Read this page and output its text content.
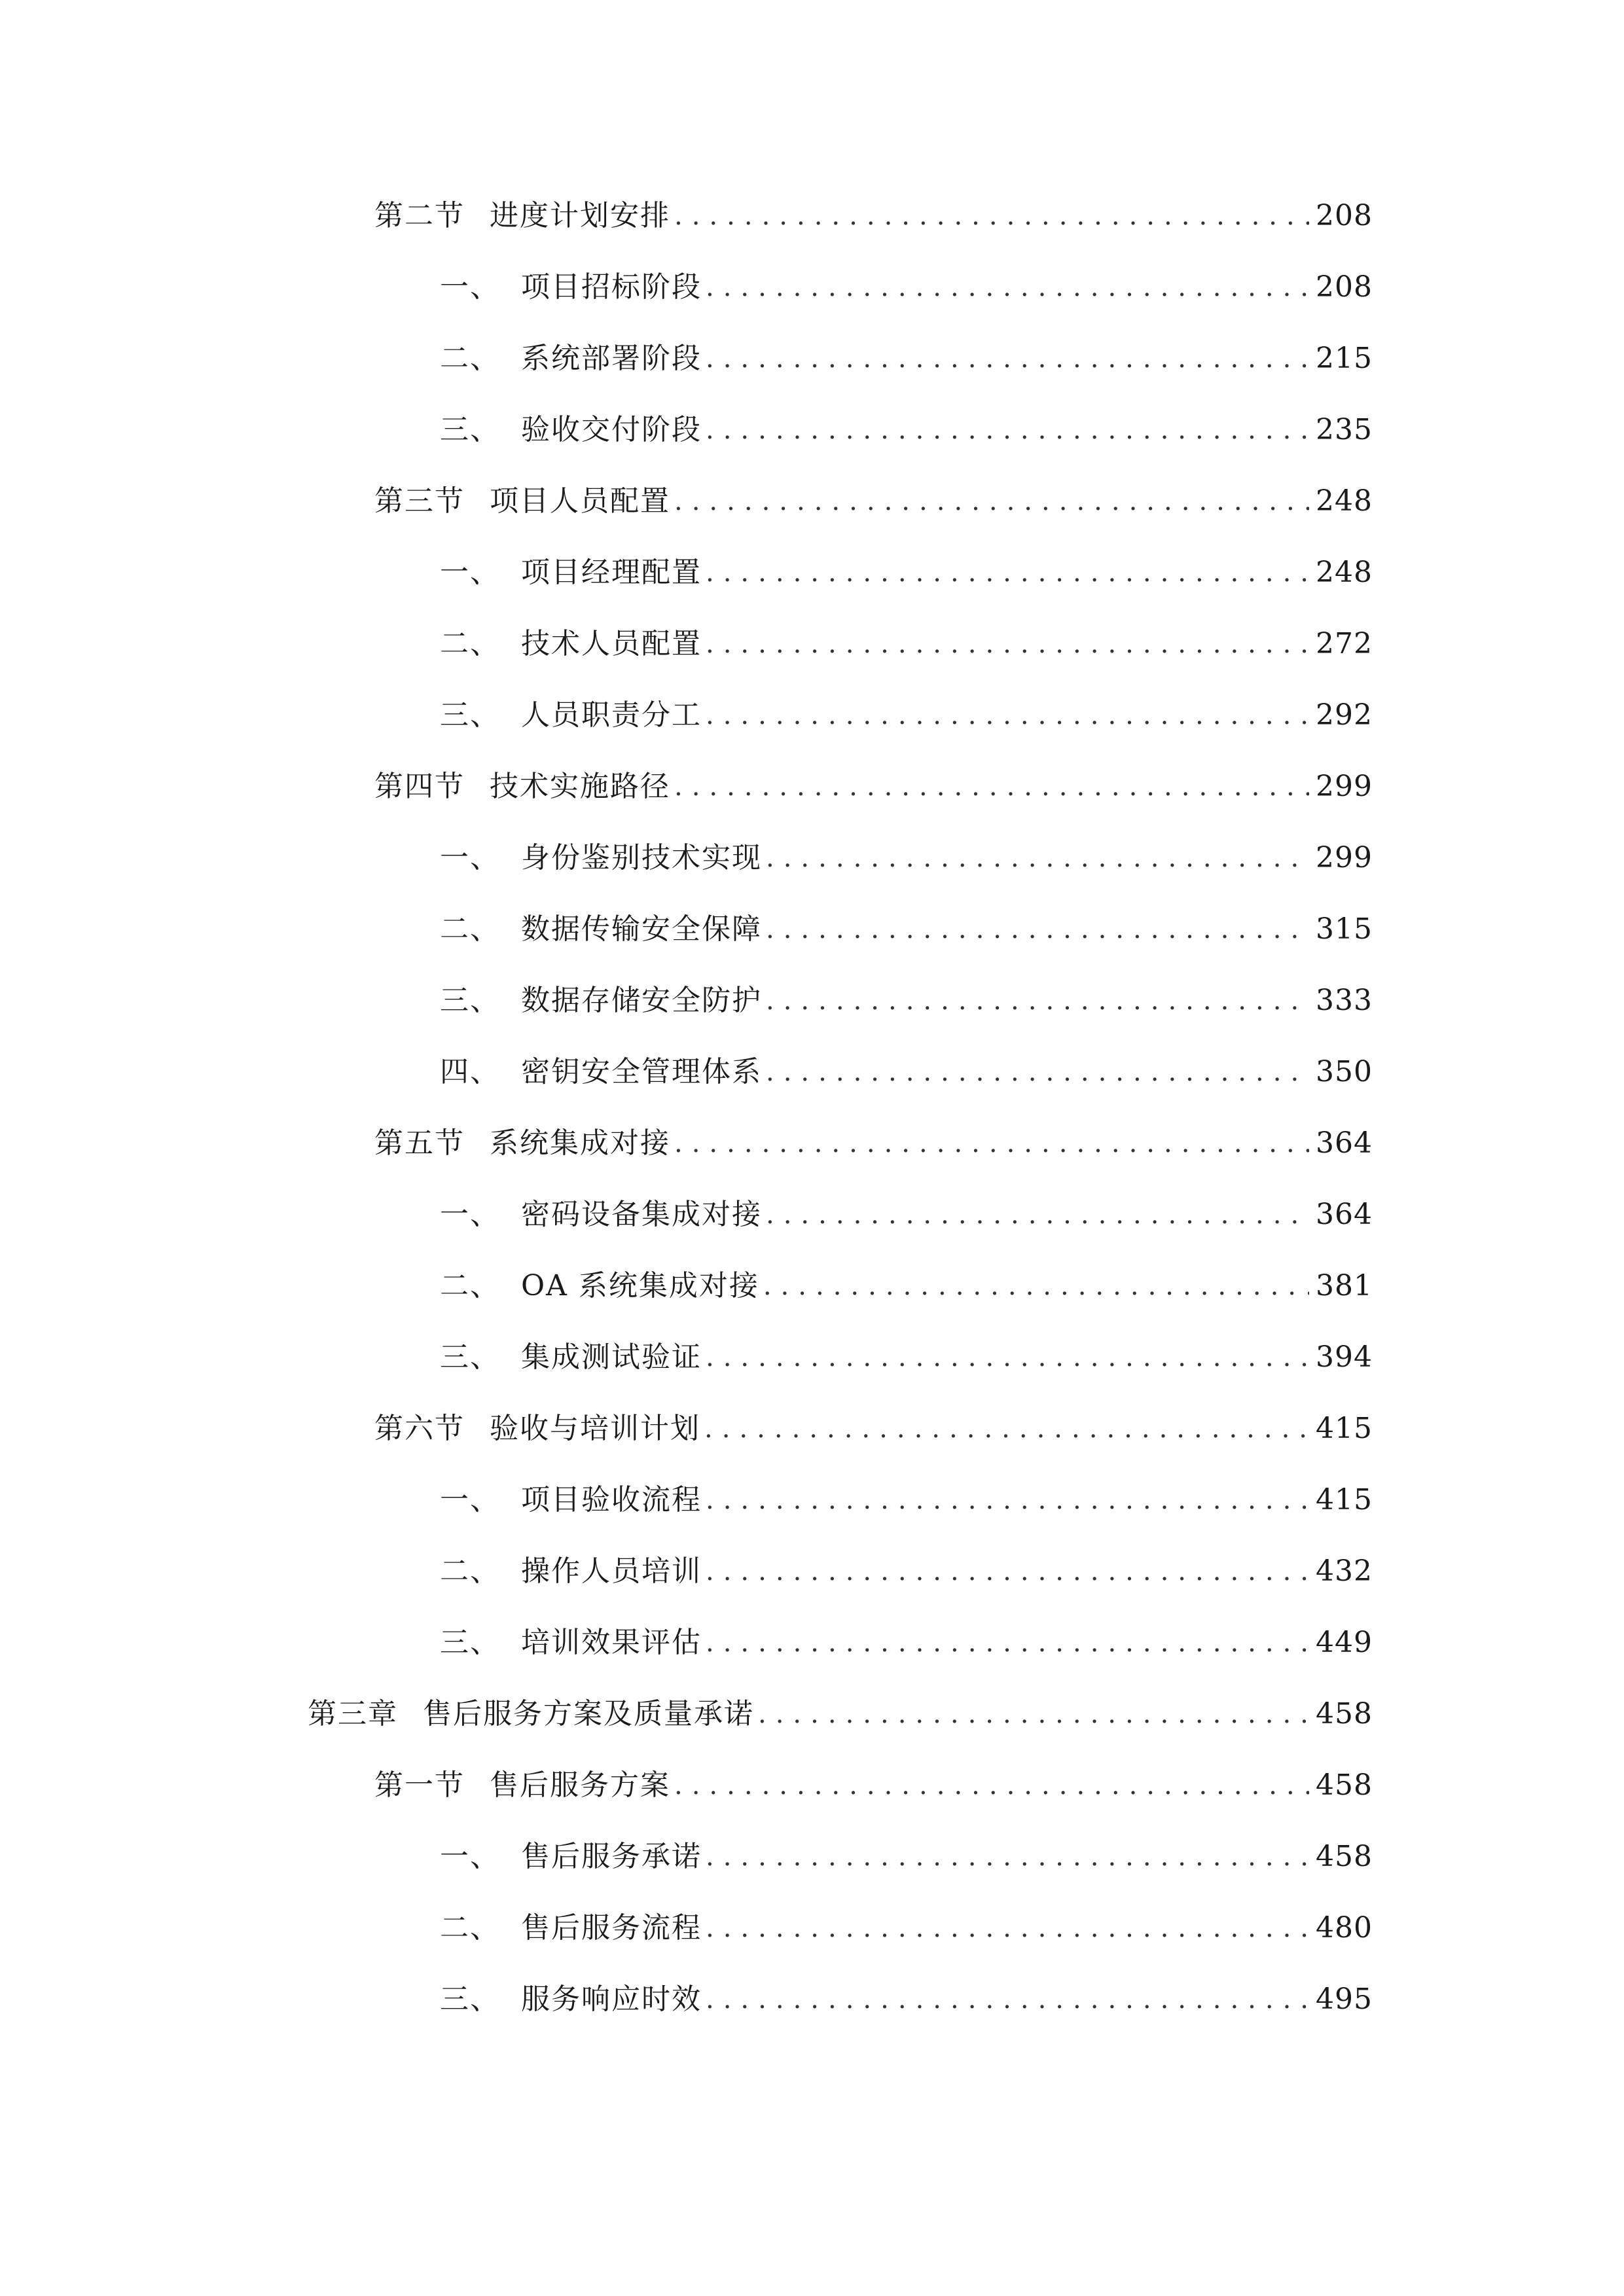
第二节 进度计划安排 .....	208
一、 项目招标阶段 .....	208
二、 系统部署阶段 .....	215
三、 验收交付阶段 .....	235
第三节 项目人员配置 .....	248
一、 项目经理配置 .....	248
二、 技术人员配置 .....	272
三、 人员职责分工 .....	292
第四节 技术实施路径 .....	299
一、 身份鉴别技术实现 .....	299
二、 数据传输安全保障 .....	315
三、 数据存储安全防护 .....	333
四、 密钥安全管理体系 .....	350
第五节 系统集成对接 .....	364
一、 密码设备集成对接 .....	364
二、 OA 系统集成对接 .....	381
三、 集成测试验证 .....	394
第六节 验收与培训计划 .....	415
一、 项目验收流程 .....	415
二、 操作人员培训 .....	432
三、 培训效果评估 .....	449
第三章 售后服务方案及质量承诺 .....	458
第一节 售后服务方案 .....	458
一、 售后服务承诺 .....	458
二、 售后服务流程 .....	480
三、 服务响应时效 .....	495
